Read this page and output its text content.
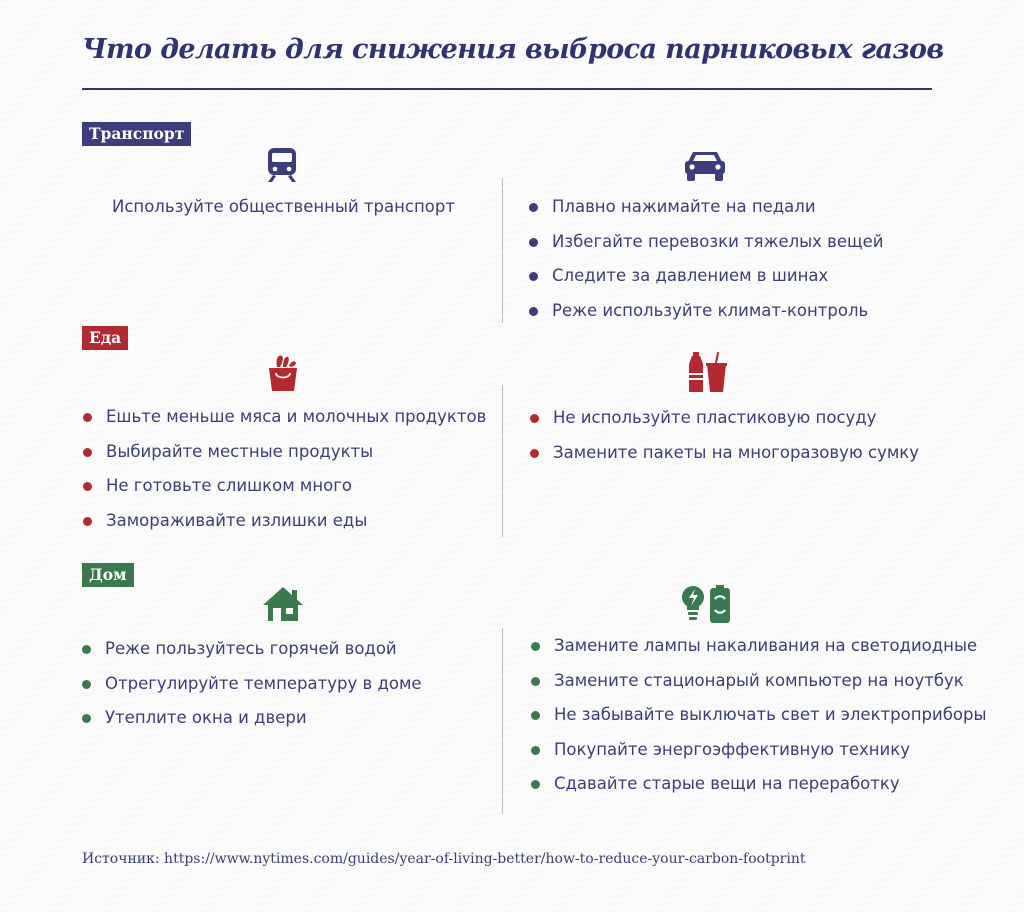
Что делать для снижения выброса парниковых газов
Транспорт
Используйте общественный транспорт	Плавно нажимайте на педали
Избегайте перевозки тяжелых вещей
Следите за давлением в шинах
Реже используйте климат-контроль
Еда
Ешьте меньше мяса и молочных продуктов
Выбирайте местные продукты
Не готовьте слишком много
Замораживайте излишки еды
Не используйте пластиковую посуду
Замените пакеты на многоразовую сумку
Дом
Реже пользуйтесь горячей водой
Отрегулируйте температуру в доме
Утеплите окна и двери
Замените лампы накаливания на светодиодные
Замените стационарый компьютер на ноутбук
Не забывайте выключать свет и электроприборы
Покупайте энергоэффективную технику
Сдавайте старые вещи на переработку
Источник: https://www.nytimes.com/guides/year-of-living-better/how-to-reduce-your-carbon-footprint
